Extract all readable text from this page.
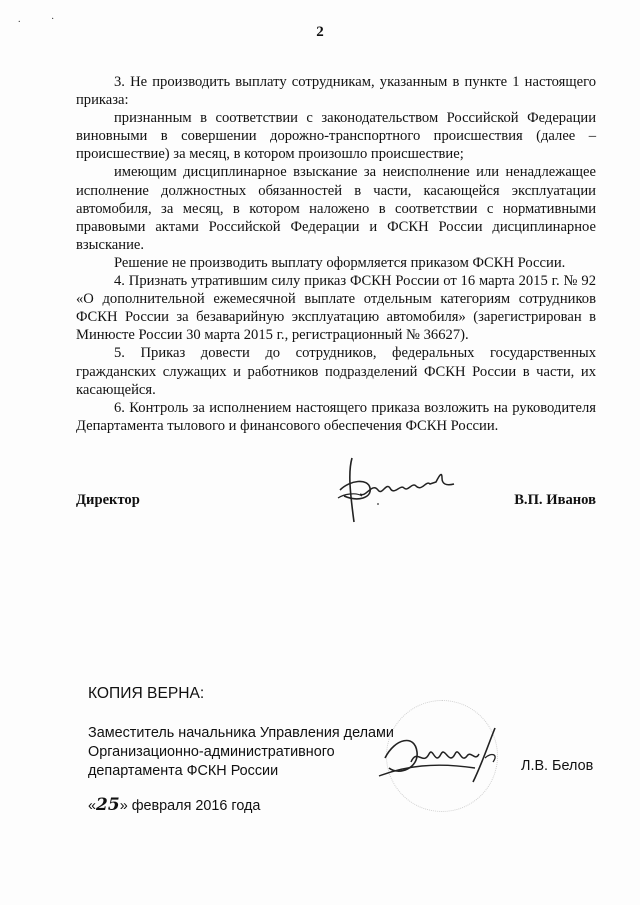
. ·
2

3. Не производить выплату сотрудникам, указанным в пункте 1 настоящего приказа:

признанным в соответствии с законодательством Российской Федерации виновными в совершении дорожно-транспортного происшествия (далее – происшествие) за месяц, в котором произошло происшествие;

имеющим дисциплинарное взыскание за неисполнение или ненадлежащее исполнение должностных обязанностей в части, касающейся эксплуатации автомобиля, за месяц, в котором наложено в соответствии с нормативными правовыми актами Российской Федерации и ФСКН России дисциплинарное взыскание.

Решение не производить выплату оформляется приказом ФСКН России.

4. Признать утратившим силу приказ ФСКН России от 16 марта 2015 г. № 92 «О дополнительной ежемесячной выплате отдельным категориям сотрудников ФСКН России за безаварийную эксплуатацию автомобиля» (зарегистрирован в Минюсте России 30 марта 2015 г., регистрационный № 36627).

5. Приказ довести до сотрудников, федеральных государственных гражданских служащих и работников подразделений ФСКН России в части, их касающейся.

6. Контроль за исполнением настоящего приказа возложить на руководителя Департамента тылового и финансового обеспечения ФСКН России.

Директор	В.П. Иванов
КОПИЯ ВЕРНА:
Заместитель начальника Управления делами
Организационно-административного
департамента ФСКН России	Л.В. Белов
«25» февраля 2016 года
